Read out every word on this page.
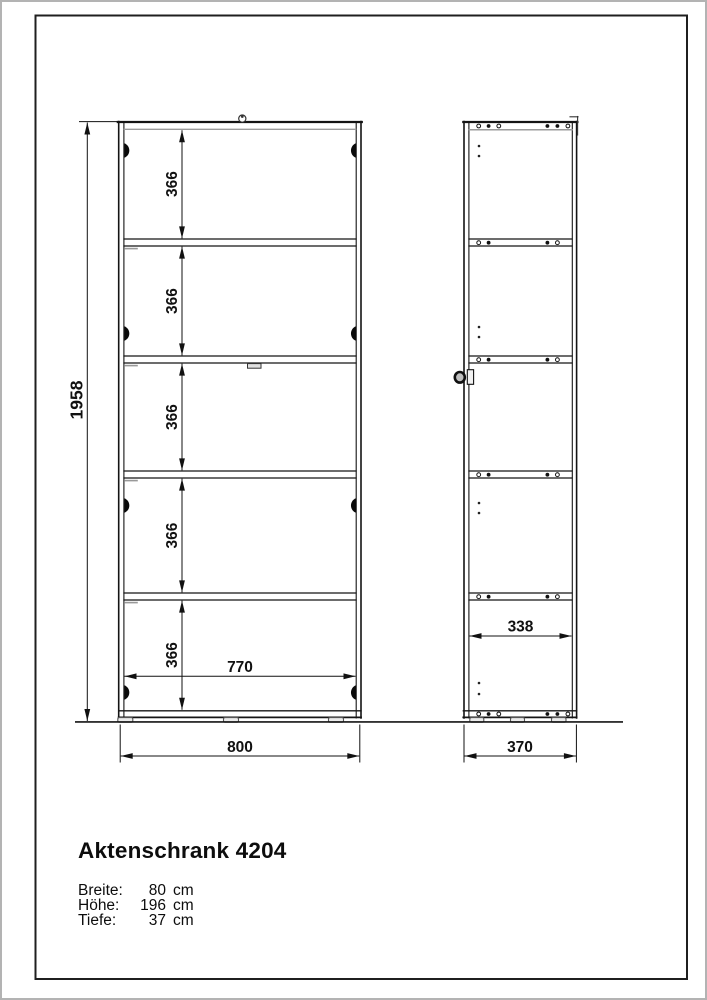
1958
366
366
366
366
366	770
800
338
370
Aktenschrank 4204
Breite: 80 cm
Höhe: 196 cm
Tiefe: 37 cm
